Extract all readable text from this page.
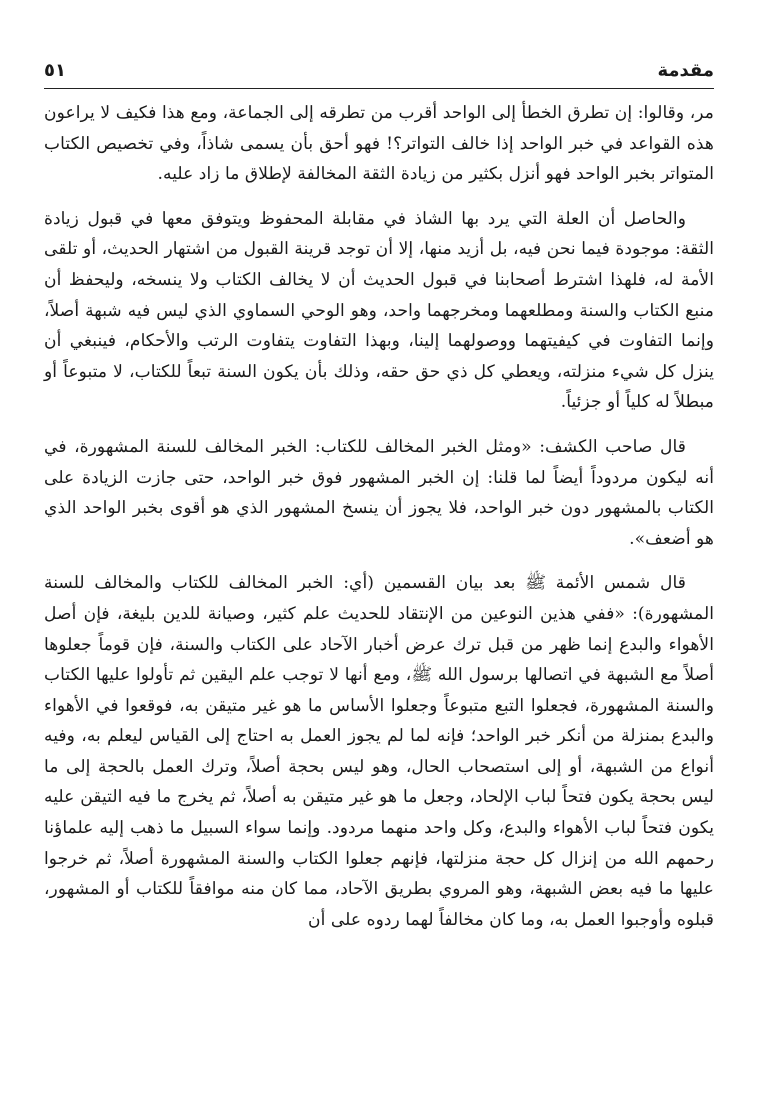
مقدمة
٥١

مر، وقالوا: إن تطرق الخطأ إلى الواحد أقرب من تطرقه إلى الجماعة، ومع هذا فكيف لا يراعون هذه القواعد في خبر الواحد إذا خالف التواتر؟! فهو أحق بأن يسمى شاذاً، وفي تخصيص الكتاب المتواتر بخبر الواحد فهو أنزل بكثير من زيادة الثقة المخالفة لإطلاق ما زاد عليه.

والحاصل أن العلة التي يرد بها الشاذ في مقابلة المحفوظ ويتوفق معها في قبول زيادة الثقة: موجودة فيما نحن فيه، بل أزيد منها، إلا أن توجد قرينة القبول من اشتهار الحديث، أو تلقى الأمة له، فلهذا اشترط أصحابنا في قبول الحديث أن لا يخالف الكتاب ولا ينسخه، وليحفظ أن منبع الكتاب والسنة ومطلعهما ومخرجهما واحد، وهو الوحي السماوي الذي ليس فيه شبهة أصلاً، وإنما التفاوت في كيفيتهما ووصولهما إلينا، وبهذا التفاوت يتفاوت الرتب والأحكام، فينبغي أن ينزل كل شيء منزلته، ويعطي كل ذي حق حقه، وذلك بأن يكون السنة تبعاً للكتاب، لا متبوعاً أو مبطلاً له كلياً أو جزئياً.

قال صاحب الكشف: «ومثل الخبر المخالف للكتاب: الخبر المخالف للسنة المشهورة، في أنه ليكون مردوداً أيضاً لما قلنا: إن الخبر المشهور فوق خبر الواحد، حتى جازت الزيادة على الكتاب بالمشهور دون خبر الواحد، فلا يجوز أن ينسخ المشهور الذي هو أقوى بخبر الواحد الذي هو أضعف».

قال شمس الأئمة ﷺ بعد بيان القسمين (أي: الخبر المخالف للكتاب والمخالف للسنة المشهورة): «ففي هذين النوعين من الإنتقاد للحديث علم كثير، وصيانة للدين بليغة، فإن أصل الأهواء والبدع إنما ظهر من قبل ترك عرض أخبار الآحاد على الكتاب والسنة، فإن قوماً جعلوها أصلاً مع الشبهة في اتصالها برسول الله ﷺ، ومع أنها لا توجب علم اليقين ثم تأولوا عليها الكتاب والسنة المشهورة، فجعلوا التبع متبوعاً وجعلوا الأساس ما هو غير متيقن به، فوقعوا في الأهواء والبدع بمنزلة من أنكر خبر الواحد؛ فإنه لما لم يجوز العمل به احتاج إلى القياس ليعلم به، وفيه أنواع من الشبهة، أو إلى استصحاب الحال، وهو ليس بحجة أصلاً، وترك العمل بالحجة إلى ما ليس بحجة يكون فتحاً لباب الإلحاد، وجعل ما هو غير متيقن به أصلاً، ثم يخرج ما فيه التيقن عليه يكون فتحاً لباب الأهواء والبدع، وكل واحد منهما مردود. وإنما سواء السبيل ما ذهب إليه علماؤنا رحمهم الله من إنزال كل حجة منزلتها، فإنهم جعلوا الكتاب والسنة المشهورة أصلاً، ثم خرجوا عليها ما فيه بعض الشبهة، وهو المروي بطريق الآحاد، مما كان منه موافقاً للكتاب أو المشهور، قبلوه وأوجبوا العمل به، وما كان مخالفاً لهما ردوه على أن
